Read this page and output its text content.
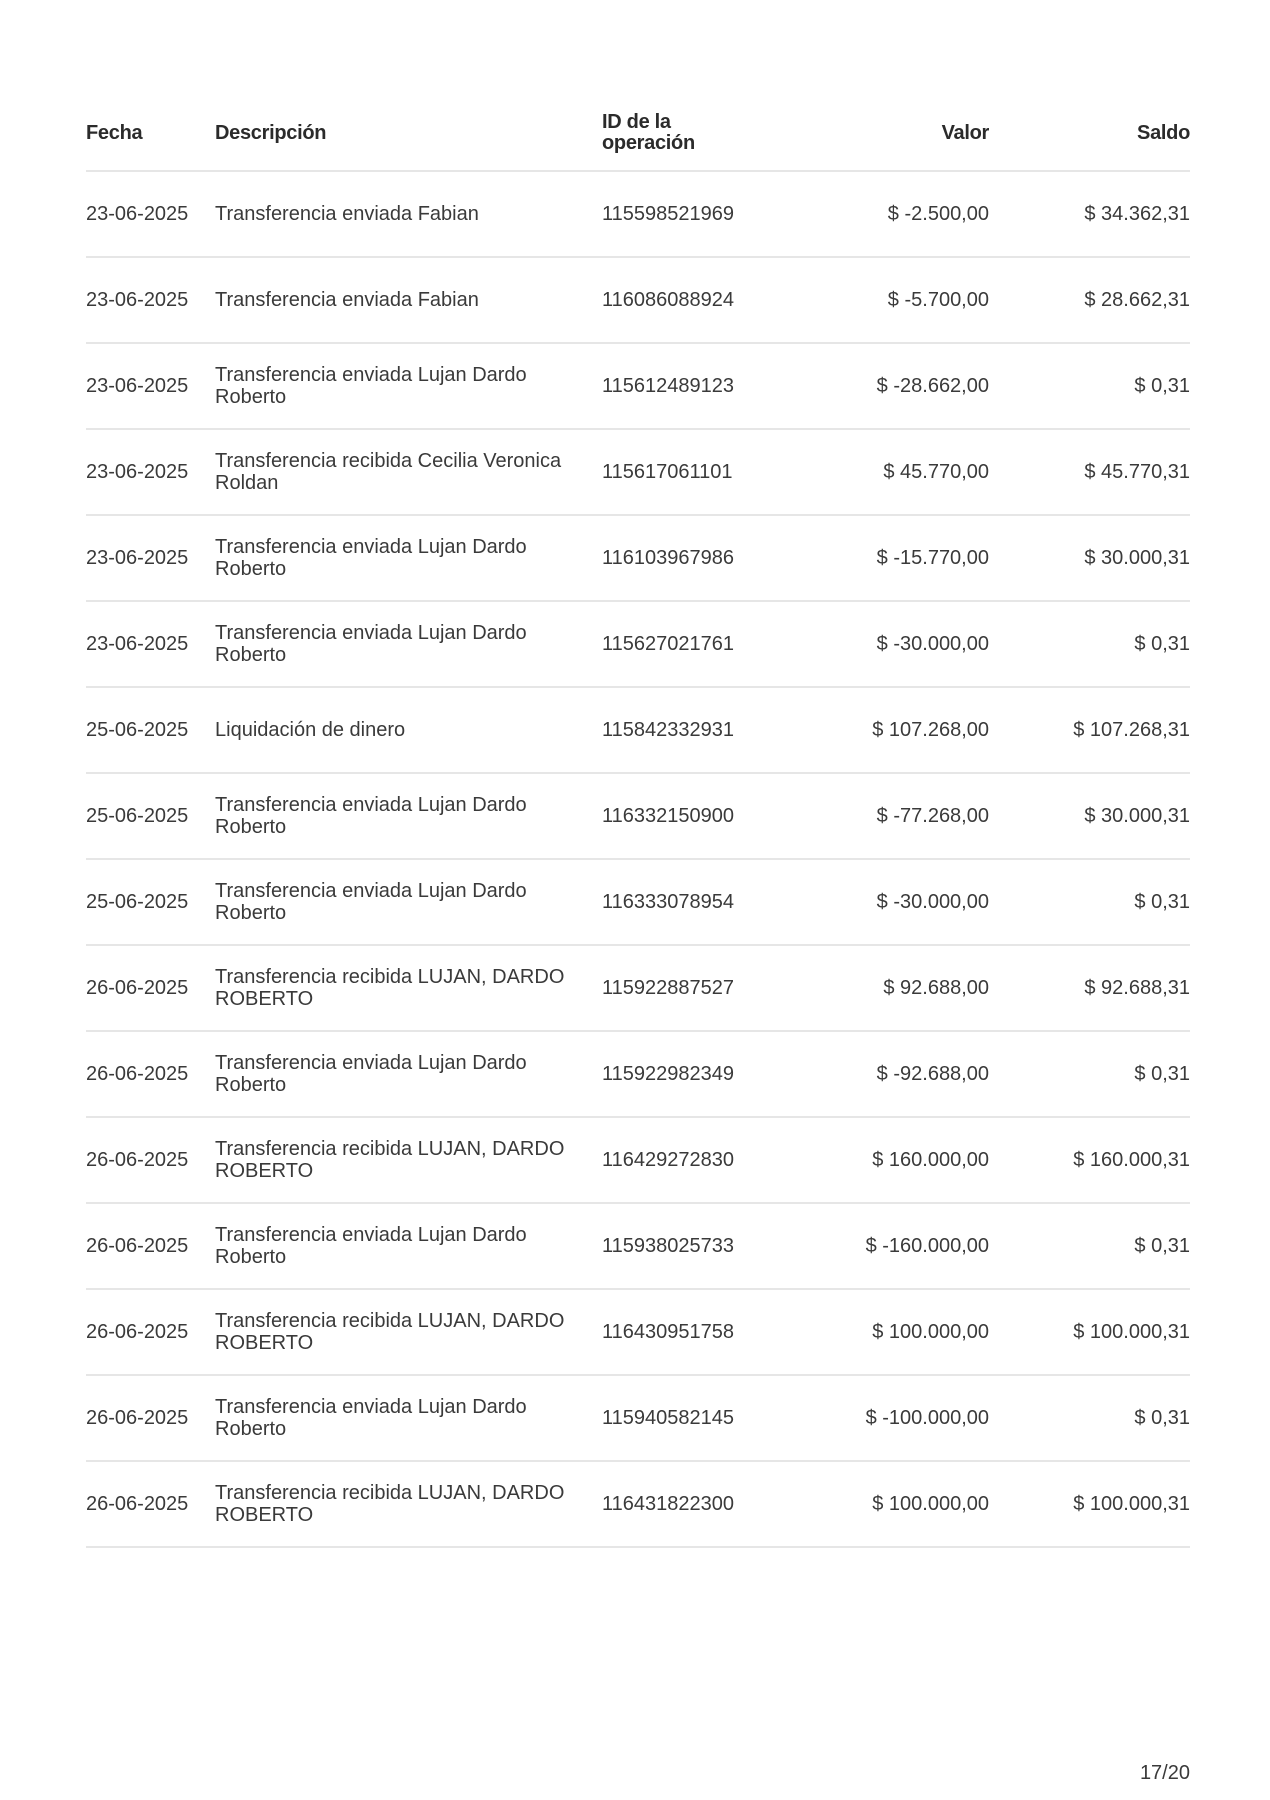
Fecha	Descripción	ID de la operación	Valor	Saldo
23-06-2025	Transferencia enviada Fabian	115598521969	$ -2.500,00	$ 34.362,31
23-06-2025	Transferencia enviada Fabian	116086088924	$ -5.700,00	$ 28.662,31
23-06-2025	Transferencia enviada Lujan Dardo Roberto	115612489123	$ -28.662,00	$ 0,31
23-06-2025	Transferencia recibida Cecilia Veronica Roldan	115617061101	$ 45.770,00	$ 45.770,31
23-06-2025	Transferencia enviada Lujan Dardo Roberto	116103967986	$ -15.770,00	$ 30.000,31
23-06-2025	Transferencia enviada Lujan Dardo Roberto	115627021761	$ -30.000,00	$ 0,31
25-06-2025	Liquidación de dinero	115842332931	$ 107.268,00	$ 107.268,31
25-06-2025	Transferencia enviada Lujan Dardo Roberto	116332150900	$ -77.268,00	$ 30.000,31
25-06-2025	Transferencia enviada Lujan Dardo Roberto	116333078954	$ -30.000,00	$ 0,31
26-06-2025	Transferencia recibida LUJAN, DARDO ROBERTO	115922887527	$ 92.688,00	$ 92.688,31
26-06-2025	Transferencia enviada Lujan Dardo Roberto	115922982349	$ -92.688,00	$ 0,31
26-06-2025	Transferencia recibida LUJAN, DARDO ROBERTO	116429272830	$ 160.000,00	$ 160.000,31
26-06-2025	Transferencia enviada Lujan Dardo Roberto	115938025733	$ -160.000,00	$ 0,31
26-06-2025	Transferencia recibida LUJAN, DARDO ROBERTO	116430951758	$ 100.000,00	$ 100.000,31
26-06-2025	Transferencia enviada Lujan Dardo Roberto	115940582145	$ -100.000,00	$ 0,31
26-06-2025	Transferencia recibida LUJAN, DARDO ROBERTO	116431822300	$ 100.000,00	$ 100.000,31
17/20
